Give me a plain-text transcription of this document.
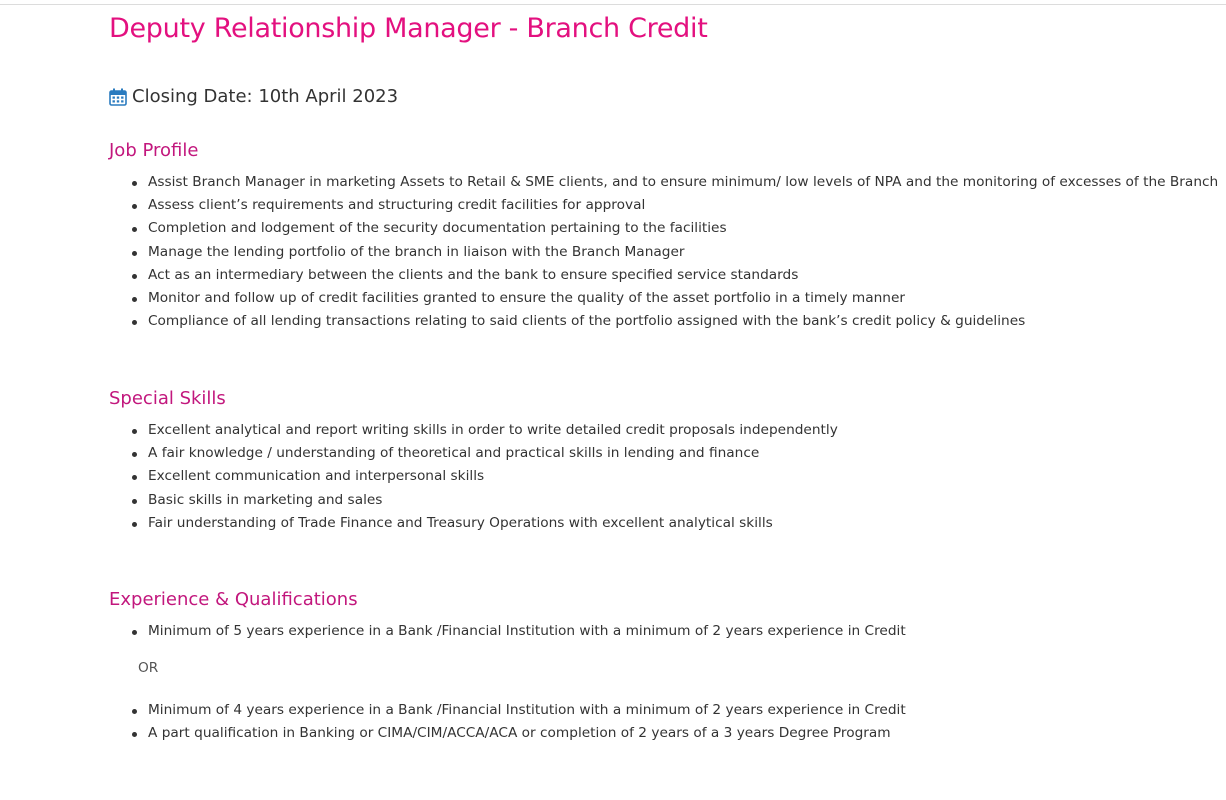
Deputy Relationship Manager - Branch Credit

Closing Date: 10th April 2023

Job Profile
Assist Branch Manager in marketing Assets to Retail & SME clients, and to ensure minimum/ low levels of NPA and the monitoring of excesses of the Branch
Assess client’s requirements and structuring credit facilities for approval
Completion and lodgement of the security documentation pertaining to the facilities
Manage the lending portfolio of the branch in liaison with the Branch Manager
Act as an intermediary between the clients and the bank to ensure specified service standards
Monitor and follow up of credit facilities granted to ensure the quality of the asset portfolio in a timely manner
Compliance of all lending transactions relating to said clients of the portfolio assigned with the bank’s credit policy & guidelines
Special Skills
Excellent analytical and report writing skills in order to write detailed credit proposals independently
A fair knowledge / understanding of theoretical and practical skills in lending and finance
Excellent communication and interpersonal skills
Basic skills in marketing and sales
Fair understanding of Trade Finance and Treasury Operations with excellent analytical skills
Experience & Qualifications
Minimum of 5 years experience in a Bank /Financial Institution with a minimum of 2 years experience in Credit

OR

Minimum of 4 years experience in a Bank /Financial Institution with a minimum of 2 years experience in Credit
A part qualification in Banking or CIMA/CIM/ACCA/ACA or completion of 2 years of a 3 years Degree Program
